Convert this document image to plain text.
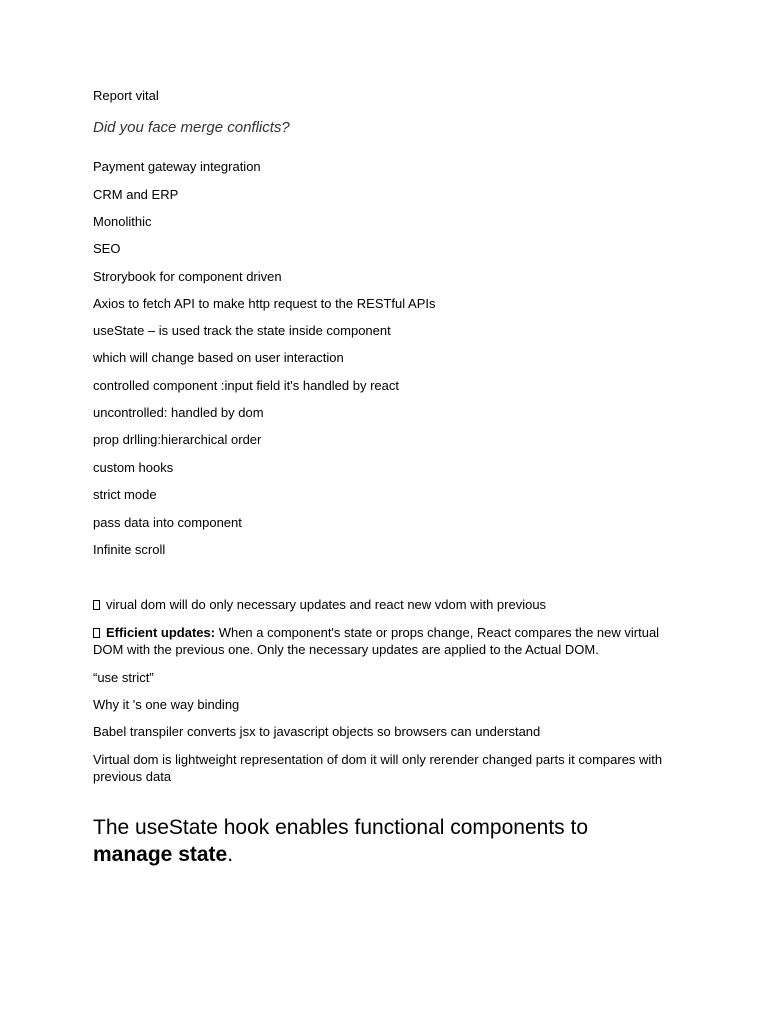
Report vital
Did you face merge conflicts?
Payment gateway integration
CRM and ERP
Monolithic
SEO
Strorybook for component driven
Axios to fetch API to make http request to the RESTful APIs
useState – is used track the state inside component
which will change based on user interaction
controlled component :input field it's handled by react
uncontrolled: handled by dom
prop drlling:hierarchical order
custom hooks
strict mode
pass data into component
Infinite scroll
virual dom will do only necessary updates and react new vdom with previous
Efficient updates: When a component's state or props change, React compares the new virtual DOM with the previous one. Only the necessary updates are applied to the Actual DOM.
“use strict”
Why it 's one way binding
Babel transpiler converts jsx to javascript objects so browsers can understand
Virtual dom is lightweight representation of dom it will only rerender changed parts it compares with previous data
The useState hook enables functional components to manage state.
